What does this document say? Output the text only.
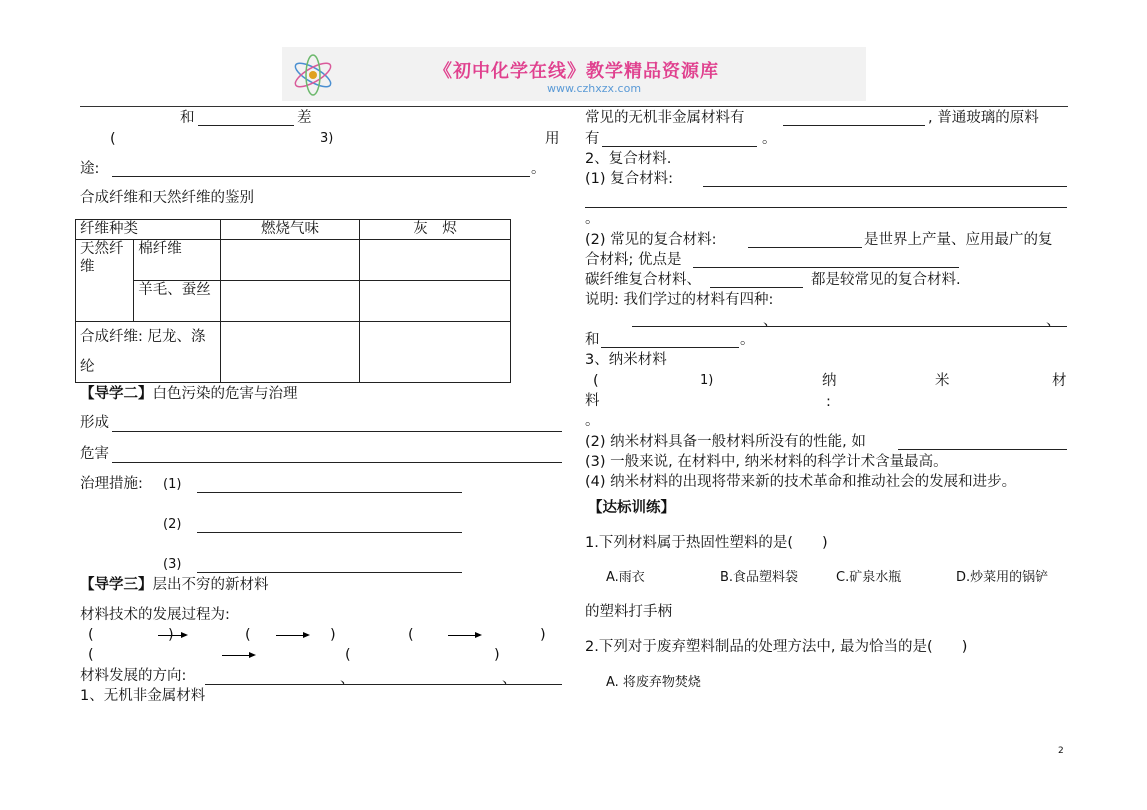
《初中化学在线》教学精品资源库
www.czhxzx.com
和	差
(	3)	用
途:	。
合成纤维和天然纤维的鉴别
纤维种类		燃烧气味	灰　烬
天然纤维	棉纤维		
	羊毛、蚕丝		
合成纤维: 尼龙、涤纶			
【导学二】白色污染的危害与治理
形成
危害
治理措施: (1)
(2)
(3)
【导学三】层出不穷的新材料
材料技术的发展过程为:
(	)	(	)	(	)
(	(	)
材料发展的方向:	、	、
1、无机非金属材料
常见的无机非金属材料有	, 普通玻璃的原料
有	。
2、复合材料.
(1) 复合材料:
。
(2) 常见的复合材料:	是世界上产量、应用最广的复
合材料; 优点是
碳纤维复合材料、	都是较常见的复合材料.
说明: 我们学过的材料有四种:
、	、
和	。
3、纳米材料
(	1)	纳	米	材
料	:
。
(2) 纳米材料具备一般材料所没有的性能, 如
(3) 一般来说, 在材料中, 纳米材料的科学计术含量最高。
(4) 纳米材料的出现将带来新的技术革命和推动社会的发展和进步。
【达标训练】
1.下列材料属于热固性塑料的是(　　)
A.雨衣	B.食品塑料袋	C.矿泉水瓶	D.炒菜用的锅铲
的塑料打手柄
2.下列对于废弃塑料制品的处理方法中, 最为恰当的是(　　)
A. 将废弃物焚烧
2
